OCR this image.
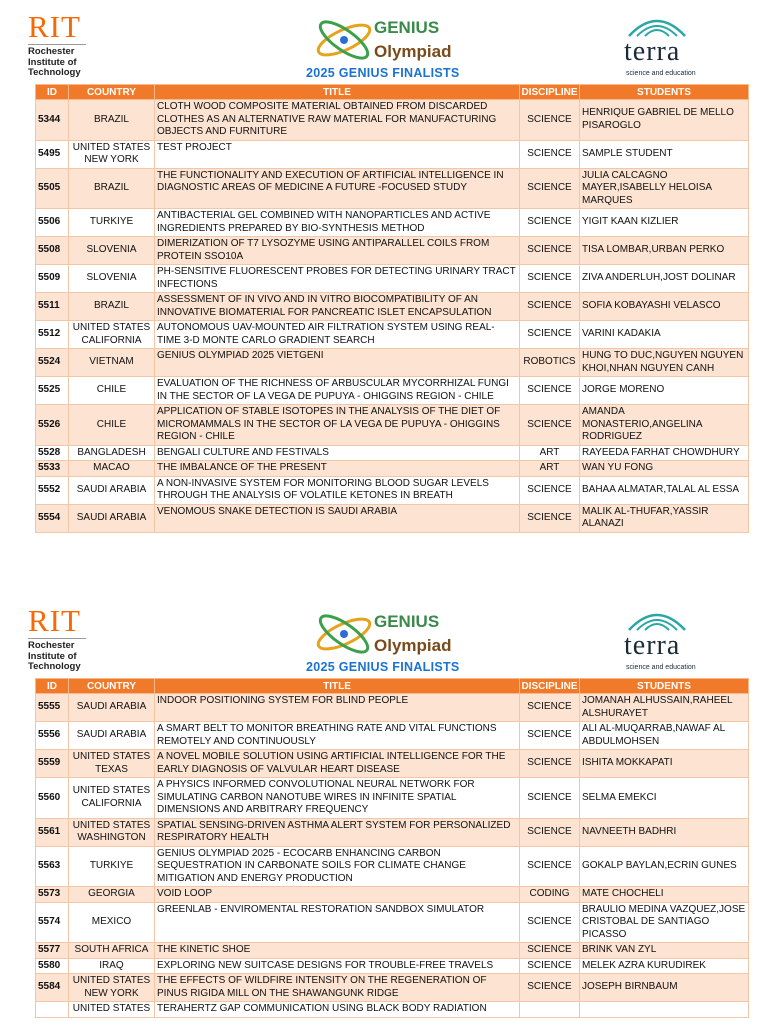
RIT
Rochester
Institute of
Technology
GENIUS
Olympiad
2025 GENIUS FINALISTS
terra
science and education
ID	COUNTRY	TITLE	DISCIPLINE	STUDENTS
5344	BRAZIL	CLOTH WOOD COMPOSITE MATERIAL OBTAINED FROM DISCARDED CLOTHES AS AN ALTERNATIVE RAW MATERIAL FOR MANUFACTURING OBJECTS AND FURNITURE	SCIENCE	HENRIQUE GABRIEL DE MELLO PISAROGLO
5495	UNITED STATES NEW YORK	TEST PROJECT	SCIENCE	SAMPLE STUDENT
5505	BRAZIL	THE FUNCTIONALITY AND EXECUTION OF ARTIFICIAL INTELLIGENCE IN DIAGNOSTIC AREAS OF MEDICINE A FUTURE -FOCUSED STUDY	SCIENCE	JULIA CALCAGNO MAYER,ISABELLY HELOISA MARQUES
5506	TURKIYE	ANTIBACTERIAL GEL COMBINED WITH NANOPARTICLES AND ACTIVE INGREDIENTS PREPARED BY BIO-SYNTHESIS METHOD	SCIENCE	YIGIT KAAN KIZLIER
5508	SLOVENIA	DIMERIZATION OF T7 LYSOZYME USING ANTIPARALLEL COILS FROM PROTEIN SSO10A	SCIENCE	TISA LOMBAR,URBAN PERKO
5509	SLOVENIA	PH-SENSITIVE FLUORESCENT PROBES FOR DETECTING URINARY TRACT INFECTIONS	SCIENCE	ZIVA ANDERLUH,JOST DOLINAR
5511	BRAZIL	ASSESSMENT OF IN VIVO AND IN VITRO BIOCOMPATIBILITY OF AN INNOVATIVE BIOMATERIAL FOR PANCREATIC ISLET ENCAPSULATION	SCIENCE	SOFIA KOBAYASHI VELASCO
5512	UNITED STATES CALIFORNIA	AUTONOMOUS UAV-MOUNTED AIR FILTRATION SYSTEM USING REAL-TIME 3-D MONTE CARLO GRADIENT SEARCH	SCIENCE	VARINI KADAKIA
5524	VIETNAM	GENIUS OLYMPIAD 2025 VIETGENI	ROBOTICS	HUNG TO DUC,NGUYEN NGUYEN KHOI,NHAN NGUYEN CANH
5525	CHILE	EVALUATION OF THE RICHNESS OF ARBUSCULAR MYCORRHIZAL FUNGI IN THE SECTOR OF LA VEGA DE PUPUYA - OHIGGINS REGION - CHILE	SCIENCE	JORGE MORENO
5526	CHILE	APPLICATION OF STABLE ISOTOPES IN THE ANALYSIS OF THE DIET OF MICROMAMMALS IN THE SECTOR OF LA VEGA DE PUPUYA - OHIGGINS REGION - CHILE	SCIENCE	AMANDA MONASTERIO,ANGELINA RODRIGUEZ
5528	BANGLADESH	BENGALI CULTURE AND FESTIVALS	ART	RAYEEDA FARHAT CHOWDHURY
5533	MACAO	THE IMBALANCE OF THE PRESENT	ART	WAN YU FONG
5552	SAUDI ARABIA	A NON-INVASIVE SYSTEM FOR MONITORING BLOOD SUGAR LEVELS THROUGH THE ANALYSIS OF VOLATILE KETONES IN BREATH	SCIENCE	BAHAA ALMATAR,TALAL AL ESSA
5554	SAUDI ARABIA	VENOMOUS SNAKE DETECTION IS SAUDI ARABIA	SCIENCE	MALIK AL-THUFAR,YASSIR ALANAZI
RIT
Rochester
Institute of
Technology
GENIUS
Olympiad
2025 GENIUS FINALISTS
terra
science and education
ID	COUNTRY	TITLE	DISCIPLINE	STUDENTS
5555	SAUDI ARABIA	INDOOR POSITIONING SYSTEM FOR BLIND PEOPLE	SCIENCE	JOMANAH ALHUSSAIN,RAHEEL ALSHURAYET
5556	SAUDI ARABIA	A SMART BELT TO MONITOR BREATHING RATE AND VITAL FUNCTIONS REMOTELY AND CONTINUOUSLY	SCIENCE	ALI AL-MUQARRAB,NAWAF AL ABDULMOHSEN
5559	UNITED STATES TEXAS	A NOVEL MOBILE SOLUTION USING ARTIFICIAL INTELLIGENCE FOR THE EARLY DIAGNOSIS OF VALVULAR HEART DISEASE	SCIENCE	ISHITA MOKKAPATI
5560	UNITED STATES CALIFORNIA	A PHYSICS INFORMED CONVOLUTIONAL NEURAL NETWORK FOR SIMULATING CARBON NANOTUBE WIRES IN INFINITE SPATIAL DIMENSIONS AND ARBITRARY FREQUENCY	SCIENCE	SELMA EMEKCI
5561	UNITED STATES WASHINGTON	SPATIAL SENSING-DRIVEN ASTHMA ALERT SYSTEM FOR PERSONALIZED RESPIRATORY HEALTH	SCIENCE	NAVNEETH BADHRI
5563	TURKIYE	GENIUS OLYMPIAD 2025 - ECOCARB ENHANCING CARBON SEQUESTRATION IN CARBONATE SOILS FOR CLIMATE CHANGE MITIGATION AND ENERGY PRODUCTION	SCIENCE	GOKALP BAYLAN,ECRIN GUNES
5573	GEORGIA	VOID LOOP	CODING	MATE CHOCHELI
5574	MEXICO	GREENLAB - ENVIROMENTAL RESTORATION SANDBOX SIMULATOR	SCIENCE	BRAULIO MEDINA VAZQUEZ,JOSE CRISTOBAL DE SANTIAGO PICASSO
5577	SOUTH AFRICA	THE KINETIC SHOE	SCIENCE	BRINK VAN ZYL
5580	IRAQ	EXPLORING NEW SUITCASE DESIGNS FOR TROUBLE-FREE TRAVELS	SCIENCE	MELEK AZRA KURUDIREK
5584	UNITED STATES NEW YORK	THE EFFECTS OF WILDFIRE INTENSITY ON THE REGENERATION OF PINUS RIGIDA MILL ON THE SHAWANGUNK RIDGE	SCIENCE	JOSEPH BIRNBAUM
	UNITED STATES	TERAHERTZ GAP COMMUNICATION USING BLACK BODY RADIATION		
